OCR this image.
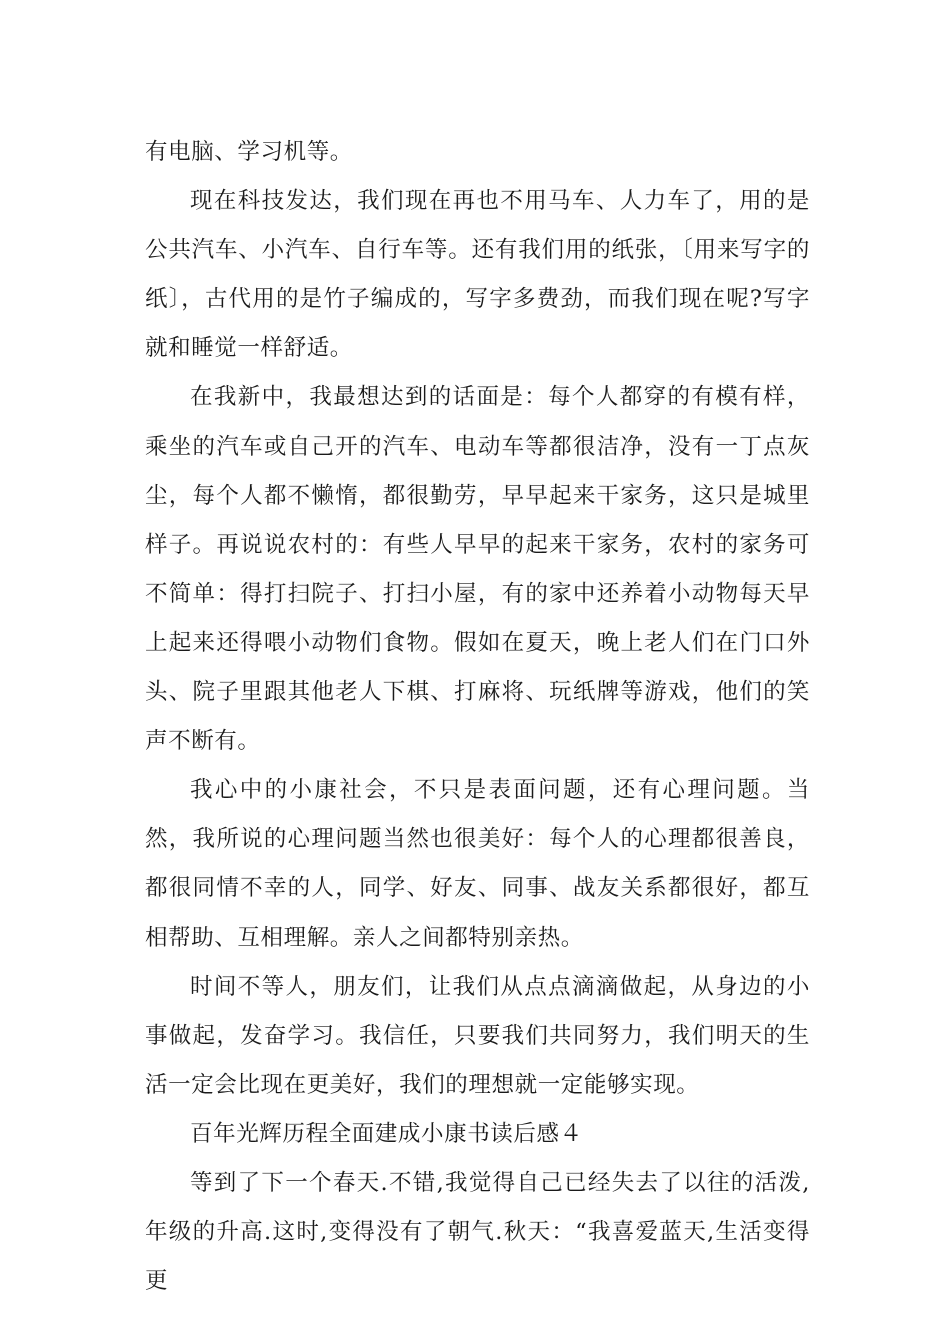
有电脑、学习机等。

现在科技发达，我们现在再也不用马车、人力车了，用的是公共汽车、小汽车、自行车等。还有我们用的纸张，〔用来写字的纸〕，古代用的是竹子编成的，写字多费劲，而我们现在呢?写字就和睡觉一样舒适。

在我新中，我最想达到的话面是：每个人都穿的有模有样，乘坐的汽车或自己开的汽车、电动车等都很洁净，没有一丁点灰尘，每个人都不懒惰，都很勤劳，早早起来干家务，这只是城里样子。再说说农村的：有些人早早的起来干家务，农村的家务可不简单：得打扫院子、打扫小屋，有的家中还养着小动物每天早上起来还得喂小动物们食物。假如在夏天，晚上老人们在门口外头、院子里跟其他老人下棋、打麻将、玩纸牌等游戏，他们的笑声不断有。

我心中的小康社会，不只是表面问题，还有心理问题。当然，我所说的心理问题当然也很美好：每个人的心理都很善良，都很同情不幸的人，同学、好友、同事、战友关系都很好，都互相帮助、互相理解。亲人之间都特别亲热。

时间不等人，朋友们，让我们从点点滴滴做起，从身边的小事做起，发奋学习。我信任，只要我们共同努力，我们明天的生活一定会比现在更美好，我们的理想就一定能够实现。

百年光辉历程全面建成小康书读后感４

等到了下一个春天.不错,我觉得自己已经失去了以往的活泼,年级的升高.这时,变得没有了朝气.秋天：“我喜爱蓝天,生活变得更
